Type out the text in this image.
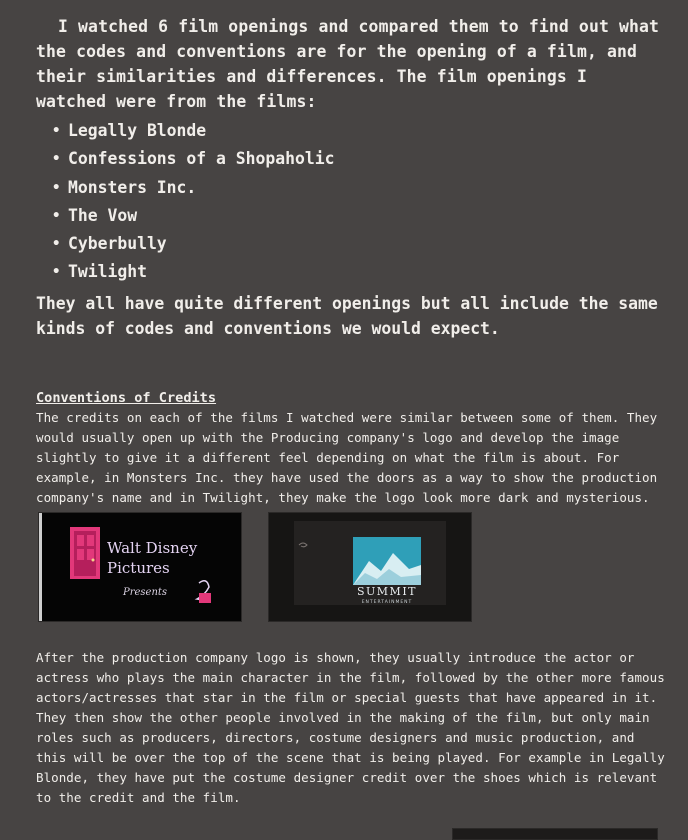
I watched 6 film openings and compared them to find out what the codes and conventions are for the opening of a film, and their similarities and differences. The film openings I watched were from the films:

• Legally Blonde
• Confessions of a Shopaholic
• Monsters Inc.
• The Vow
• Cyberbully
• Twilight

They all have quite different openings but all include the same kinds of codes and conventions we would expect.

Conventions of Credits

The credits on each of the films I watched were similar between some of them. They would usually open up with the Producing company's logo and develop the image slightly to give it a different feel depending on what the film is about. For example, in Monsters Inc. they have used the doors as a way to show the production company's name and in Twilight, they make the logo look more dark and mysterious.

Walt Disney
Pictures
Presents	SUMMIT
ENTERTAINMENT

After the production company logo is shown, they usually introduce the actor or actress who plays the main character in the film, followed by the other more famous actors/actresses that star in the film or special guests that have appeared in it. They then show the other people involved in the making of the film, but only main roles such as producers, directors, costume designers and music production, and this will be over the top of the scene that is being played. For example in Legally Blonde, they have put the costume designer credit over the shoes which is relevant to the credit and the film.
